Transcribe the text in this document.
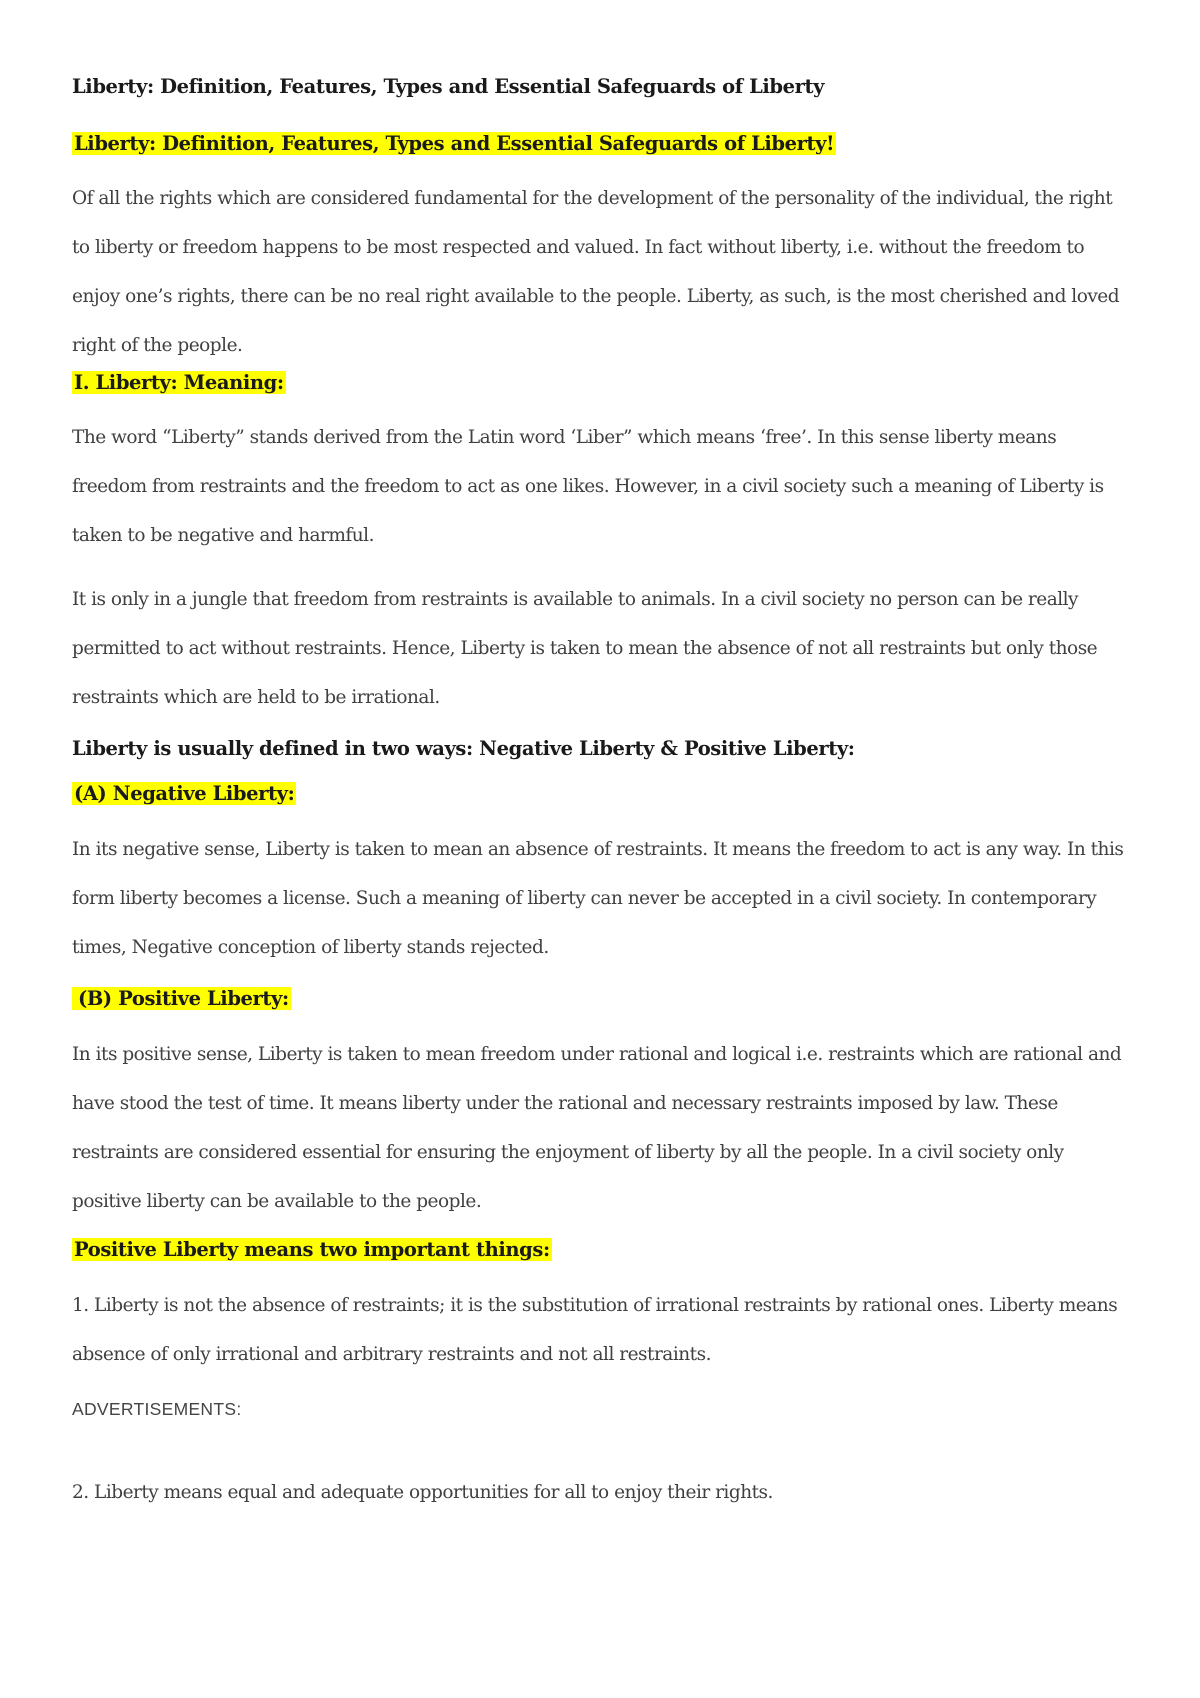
Liberty: Definition, Features, Types and Essential Safeguards of Liberty

Liberty: Definition, Features, Types and Essential Safeguards of Liberty!

Of all the rights which are considered fundamental for the development of the personality of the individual, the right to liberty or freedom happens to be most respected and valued. In fact without liberty, i.e. without the freedom to enjoy one’s rights, there can be no real right available to the people. Liberty, as such, is the most cherished and loved right of the people.

I. Liberty: Meaning:

The word “Liberty” stands derived from the Latin word ‘Liber” which means ‘free’. In this sense liberty means freedom from restraints and the freedom to act as one likes. However, in a civil society such a meaning of Liberty is taken to be negative and harmful.

It is only in a jungle that freedom from restraints is available to animals. In a civil society no person can be really permitted to act without restraints. Hence, Liberty is taken to mean the absence of not all restraints but only those restraints which are held to be irrational.

Liberty is usually defined in two ways: Negative Liberty & Positive Liberty:

(A) Negative Liberty:

In its negative sense, Liberty is taken to mean an absence of restraints. It means the freedom to act is any way. In this form liberty becomes a license. Such a meaning of liberty can never be accepted in a civil society. In contemporary times, Negative conception of liberty stands rejected.

(B) Positive Liberty:

In its positive sense, Liberty is taken to mean freedom under rational and logical i.e. restraints which are rational and have stood the test of time. It means liberty under the rational and necessary restraints imposed by law. These restraints are considered essential for ensuring the enjoyment of liberty by all the people. In a civil society only positive liberty can be available to the people.

Positive Liberty means two important things:

1. Liberty is not the absence of restraints; it is the substitution of irrational restraints by rational ones. Liberty means absence of only irrational and arbitrary restraints and not all restraints.

ADVERTISEMENTS:

2. Liberty means equal and adequate opportunities for all to enjoy their rights.
